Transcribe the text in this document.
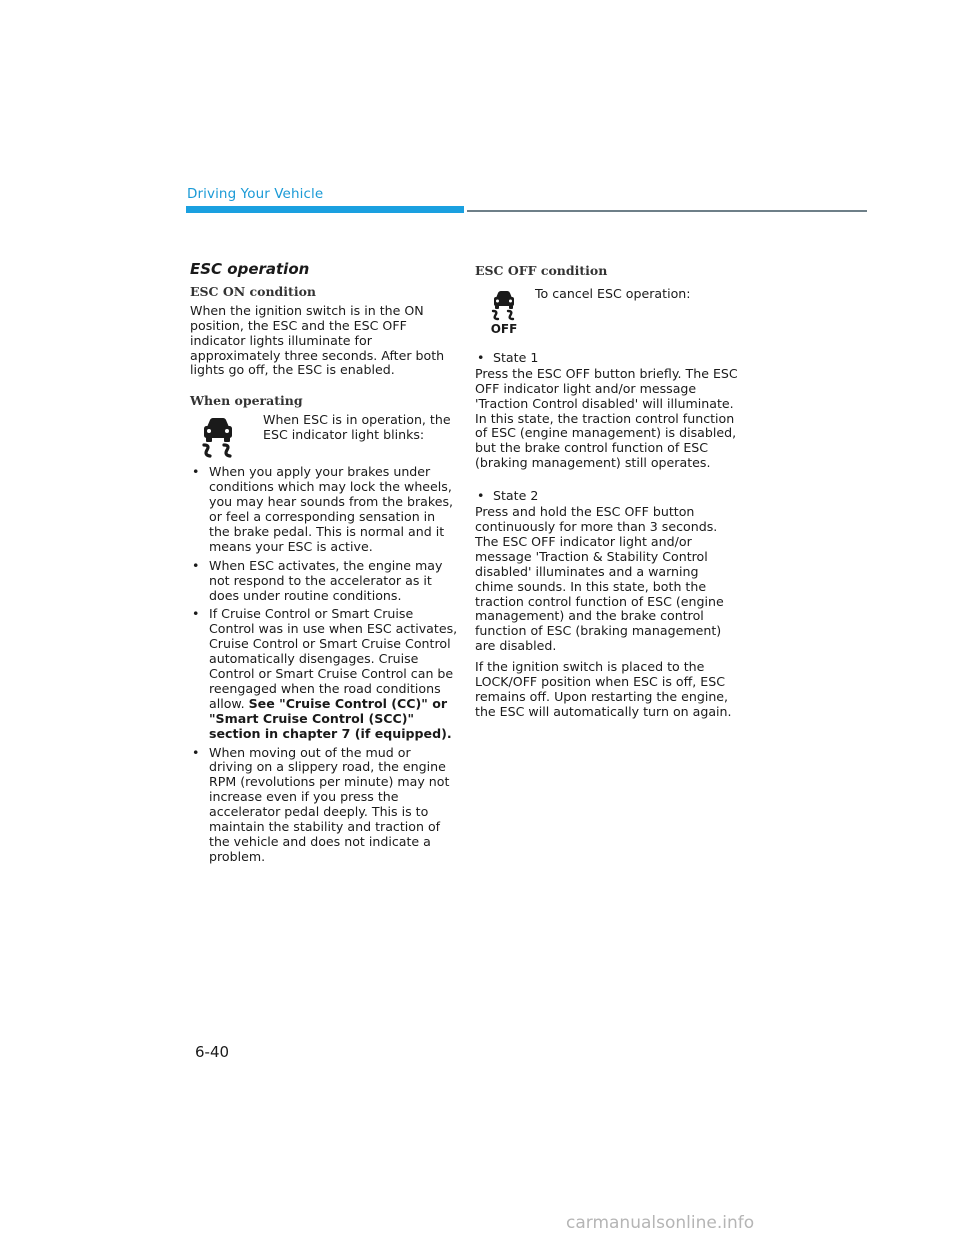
Driving Your Vehicle
ESC operation
ESC ON condition

When the ignition switch is in the ON position, the ESC and the ESC OFF indicator lights illuminate for approximately three seconds. After both lights go off, the ESC is enabled.

When operating

When ESC is in operation, the ESC indicator light blinks:

• When you apply your brakes under conditions which may lock the wheels, you may hear sounds from the brakes, or feel a corresponding sensation in the brake pedal. This is normal and it means your ESC is active.
• When ESC activates, the engine may not respond to the accelerator as it does under routine conditions.
• If Cruise Control or Smart Cruise Control was in use when ESC activates, Cruise Control or Smart Cruise Control automatically disengages. Cruise Control or Smart Cruise Control can be reengaged when the road conditions allow. See "Cruise Control (CC)" or "Smart Cruise Control (SCC)" section in chapter 7 (if equipped).
• When moving out of the mud or driving on a slippery road, the engine RPM (revolutions per minute) may not increase even if you press the accelerator pedal deeply. This is to maintain the stability and traction of the vehicle and does not indicate a problem.
ESC OFF condition
OFF

To cancel ESC operation:

• State 1

Press the ESC OFF button briefly. The ESC OFF indicator light and/or message 'Traction Control disabled' will illuminate. In this state, the traction control function of ESC (engine management) is disabled, but the brake control function of ESC (braking management) still operates.

• State 2

Press and hold the ESC OFF button continuously for more than 3 seconds. The ESC OFF indicator light and/or message 'Traction & Stability Control disabled' illuminates and a warning chime sounds. In this state, both the traction control function of ESC (engine management) and the brake control function of ESC (braking management) are disabled.

If the ignition switch is placed to the LOCK/OFF position when ESC is off, ESC remains off. Upon restarting the engine, the ESC will automatically turn on again.

6-40
carmanualsonline.info
